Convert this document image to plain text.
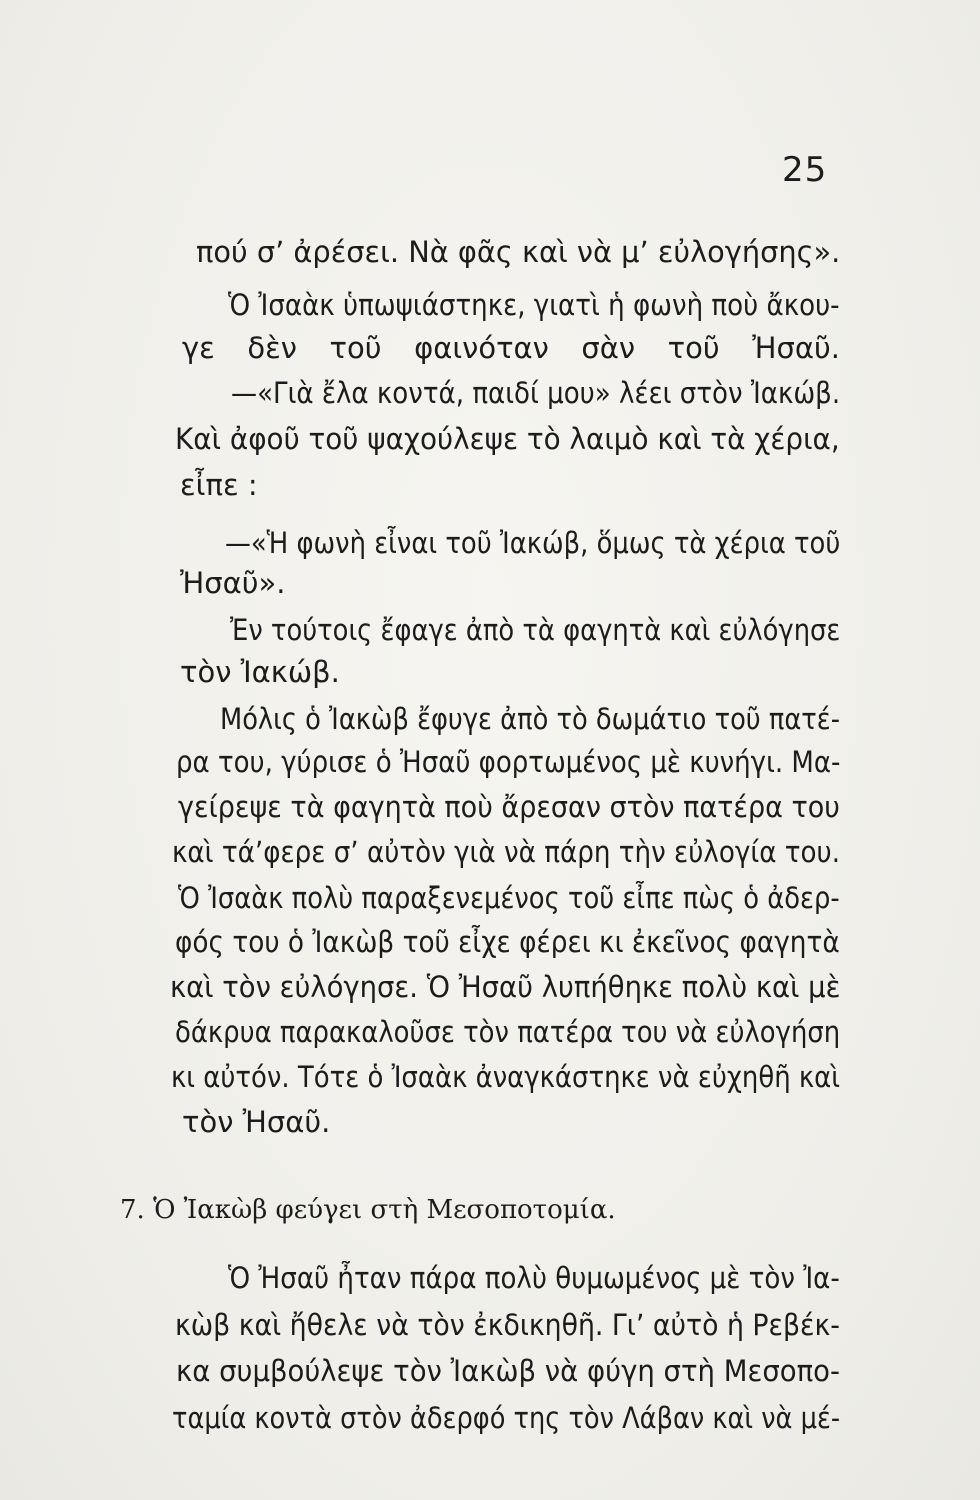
25
πού σ’ ἀρέσει. Νὰ φᾶς καὶ νὰ μ’ εὐλογήσης».
Ὁ Ἰσαὰκ ὑπωψιάστηκε, γιατὶ ἡ φωνὴ ποὺ ἄκου-
γε δὲν τοῦ φαινόταν σὰν τοῦ Ἠσαῦ.
—«Γιὰ ἔλα κοντά, παιδί μου» λέει στὸν Ἰακώβ.
Καὶ ἀφοῦ τοῦ ψαχούλεψε τὸ λαιμὸ καὶ τὰ χέρια,
εἶπε :
—«Ἡ φωνὴ εἶναι τοῦ Ἰακώβ, ὅμως τὰ χέρια τοῦ
Ἠσαῦ».
Ἐν τούτοις ἔφαγε ἀπὸ τὰ φαγητὰ καὶ εὐλόγησε
τὸν Ἰακώβ.
Μόλις ὁ Ἰακὼβ ἔφυγε ἀπὸ τὸ δωμάτιο τοῦ πατέ-
ρα του, γύρισε ὁ Ἠσαῦ φορτωμένος μὲ κυνήγι. Μα-
γείρεψε τὰ φαγητὰ ποὺ ἄρεσαν στὸν πατέρα του
καὶ τά’φερε σ’ αὐτὸν γιὰ νὰ πάρη τὴν εὐλογία του.
Ὁ Ἰσαὰκ πολὺ παραξενεμένος τοῦ εἶπε πὼς ὁ ἀδερ-
φός του ὁ Ἰακὼβ τοῦ εἶχε φέρει κι ἐκεῖνος φαγητὰ
καὶ τὸν εὐλόγησε. Ὁ Ἠσαῦ λυπήθηκε πολὺ καὶ μὲ
δάκρυα παρακαλοῦσε τὸν πατέρα του νὰ εὐλογήση
κι αὐτόν. Τότε ὁ Ἰσαὰκ ἀναγκάστηκε νὰ εὐχηθῆ καὶ
τὸν Ἠσαῦ.
7. Ὁ Ἰακὼβ φεύγει στὴ Μεσοποτομία.
Ὁ Ἠσαῦ ἦταν πάρα πολὺ θυμωμένος μὲ τὸν Ἰα-
κὼβ καὶ ἤθελε νὰ τὸν ἐκδικηθῆ. Γι’ αὐτὸ ἡ Ρεβέκ-
κα συμβούλεψε τὸν Ἰακὼβ νὰ φύγη στὴ Μεσοπο-
ταμία κοντὰ στὸν ἀδερφό της τὸν Λάβαν καὶ νὰ μέ-
